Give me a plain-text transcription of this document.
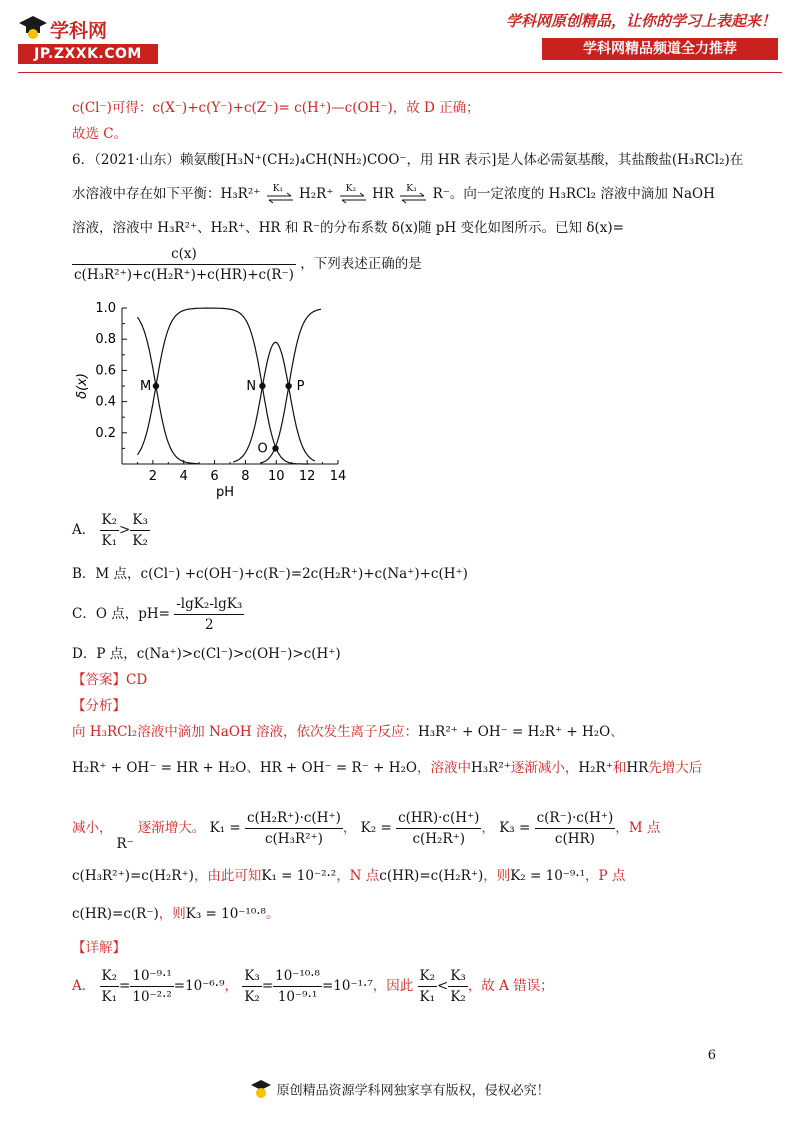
学科网
JP.ZXXK.COM
学科网原创精品，让你的学习上表起来！
学科网精品频道全力推荐
c(Cl⁻)可得：c(X⁻)+c(Y⁻)+c(Z⁻)= c(H⁺)—c(OH⁻)，故 D 正确；
故选 C。
6．（2021·山东）赖氨酸[H₃N⁺(CH₂)₄CH(NH₂)COO⁻，用 HR 表示]是人体必需氨基酸，其盐酸盐(H₃RCl₂)在
水溶液中存在如下平衡：H₃R²⁺ K₁ H₂R⁺ K₂ HR K₃ R⁻。向一定浓度的 H₃RCl₂ 溶液中滴加 NaOH
溶液，溶液中 H₃R²⁺、H₂R⁺、HR 和 R⁻的分布系数 δ(x)随 pH 变化如图所示。已知 δ(x)=
$\frac{c(x)}{\text{c(H₃R²⁺)+c(H₂R⁺)+c(HR)+c(R⁻)}}$ ，下列表述正确的是
2 4 6 8 10 12 14
0.2
0.4
0.6
0.8
1.0
pH
δ(x)	M	N
O
P
A． $\frac{\text{K₂}}{\text{K₁}} > \frac{\text{K₃}}{\text{K₂}}$
B．M 点，c(Cl⁻) +c(OH⁻)+c(R⁻)=2c(H₂R⁺)+c(Na⁺)+c(H⁺)
C．O 点，$pH= \frac{\text{-lgK₂-lgK₃}}{2}$
D．P 点，c(Na⁺)>c(Cl⁻)>c(OH⁻)>c(H⁺)
【答案】CD
【分析】
向 H₃RCl₂溶液中滴加 NaOH 溶液，依次发生离子反应：H₃R²⁺ + OH⁻ = H₂R⁺ + H₂O、
H₂R⁺ + OH⁻ = HR + H₂O、HR + OH⁻ = R⁻ + H₂O，溶液中H₃R²⁺逐渐减小，H₂R⁺和HR先增大后
减小，R⁻逐渐增大。 $K_1 = \frac{\text{c(H₂R⁺)·c(H⁺)}}{\text{c(H₃R²⁺)}}$ ， $K_2 = \frac{c(HR)\cdot c(H^+)}{\text{c(H₂R⁺)}}$ ， $K_3 = \frac{c(R^-)\cdot c(H^+)}{c(HR)}$ ，M 点
c(H₃R²⁺)=c(H₂R⁺)，由此可知K₁ = 10⁻²·²，N 点c(HR)=c(H₂R⁺)，则K₂ = 10⁻⁹·¹，P 点
c(HR)=c(R⁻)，则K₃ = 10⁻¹⁰·⁸。
【详解】
A． $\frac{\text{K₂}}{\text{K₁}} = \frac{\text{10⁻⁹·¹}}{\text{10⁻²·²}} =10^{-6}\cdot^9$， $\frac{\text{K₃}}{\text{K₂}} = \frac{\text{10⁻¹⁰·⁸}}{\text{10⁻⁹·¹}} =10^{-1}\cdot^7$，因此 $\frac{\text{K₂}}{\text{K₁}} < \frac{\text{K₃}}{\text{K₂}}$ ，故 A 错误；
6
原创精品资源学科网独家享有版权，侵权必究！
